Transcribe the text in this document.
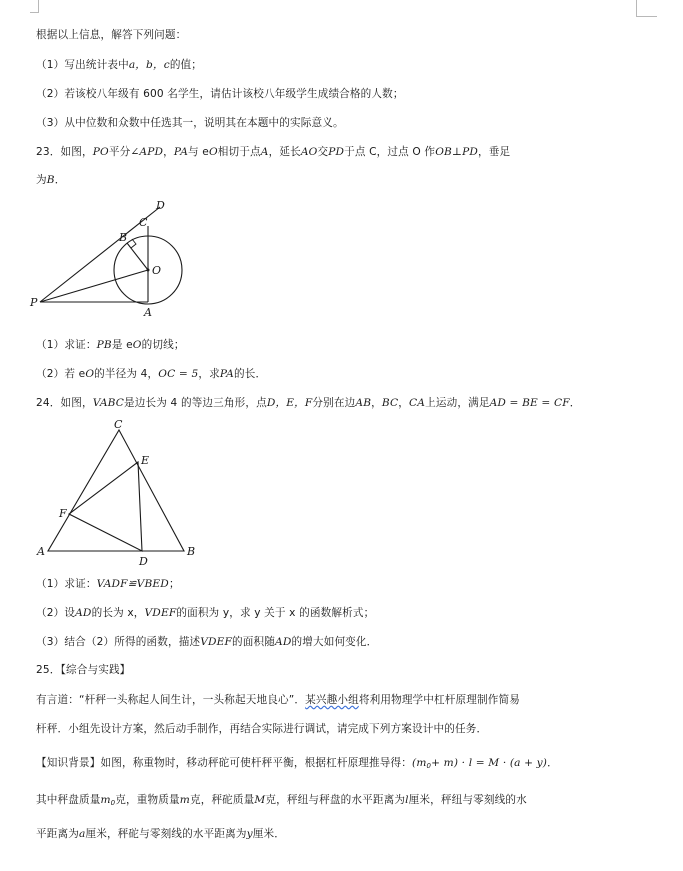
根据以上信息，解答下列问题：
（1）写出统计表中a，b，c的值；
（2）若该校八年级有 600 名学生，请估计该校八年级学生成绩合格的人数；
（3）从中位数和众数中任选其一，说明其在本题中的实际意义。
23．如图，PO平分∠APD，PA与 eO相切于点A，延长AO交PD于点 C，过点 O 作OB⊥PD，垂足
为B．
P
A
O
B
C
D
（1）求证：PB是 eO的切线；
（2）若 eO的半径为 4，OC = 5，求PA的长．
24．如图，VABC是边长为 4 的等边三角形，点D，E，F分别在边AB，BC，CA上运动，满足AD = BE = CF．
A	B
C
D
E
F
（1）求证：VADF≌VBED；
（2）设AD的长为 x，VDEF的面积为 y，求 y 关于 x 的函数解析式；
（3）结合（2）所得的函数，描述VDEF的面积随AD的增大如何变化．
25．【综合与实践】
有言道：“杆秤一头称起人间生计，一头称起天地良心”．某兴趣小组将利用物理学中杠杆原理制作简易
杆秤．小组先设计方案，然后动手制作，再结合实际进行调试，请完成下列方案设计中的任务．
【知识背景】如图，称重物时，移动秤砣可使杆秤平衡，根据杠杆原理推导得：$(m_0+ m) \cdot l = M \cdot (a + y)$．
其中秤盘质量$m_0$克，重物质量m克，秤砣质量M克，秤纽与秤盘的水平距离为l厘米，秤纽与零刻线的水
平距离为a厘米，秤砣与零刻线的水平距离为y厘米．
